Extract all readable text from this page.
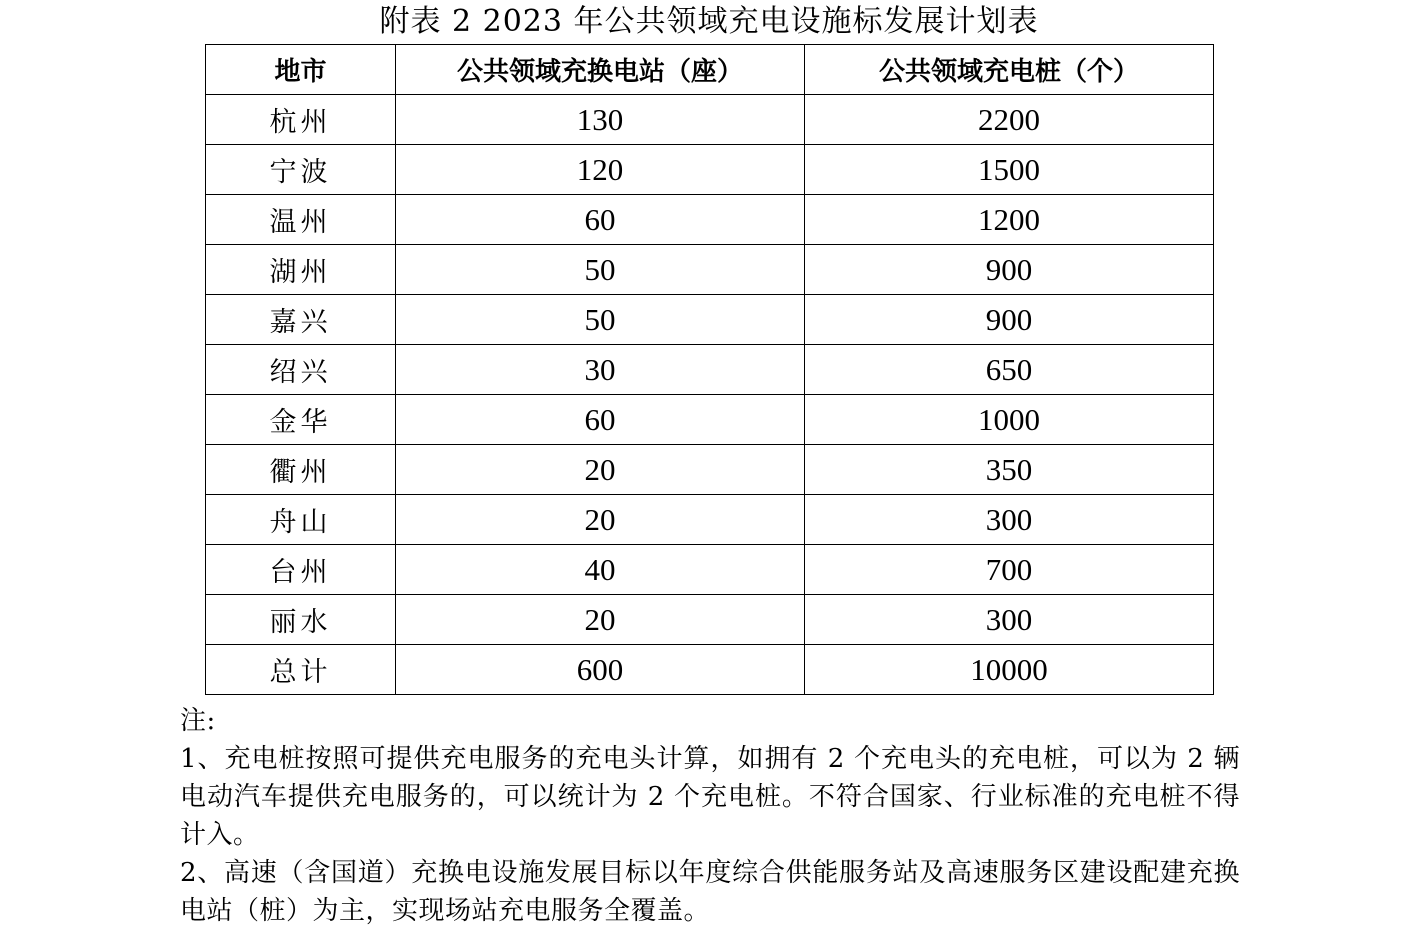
附表 2 2023 年公共领域充电设施标发展计划表
地市	公共领域充换电站（座）	公共领域充电桩（个）
杭州	130	2200
宁波	120	1500
温州	60	1200
湖州	50	900
嘉兴	50	900
绍兴	30	650
金华	60	1000
衢州	20	350
舟山	20	300
台州	40	700
丽水	20	300
总计	600	10000

注:

1、充电桩按照可提供充电服务的充电头计算，如拥有 2 个充电头的充电桩，可以为 2 辆电动汽车提供充电服务的，可以统计为 2 个充电桩。不符合国家、行业标准的充电桩不得计入。

2、高速（含国道）充换电设施发展目标以年度综合供能服务站及高速服务区建设配建充换电站（桩）为主，实现场站充电服务全覆盖。
